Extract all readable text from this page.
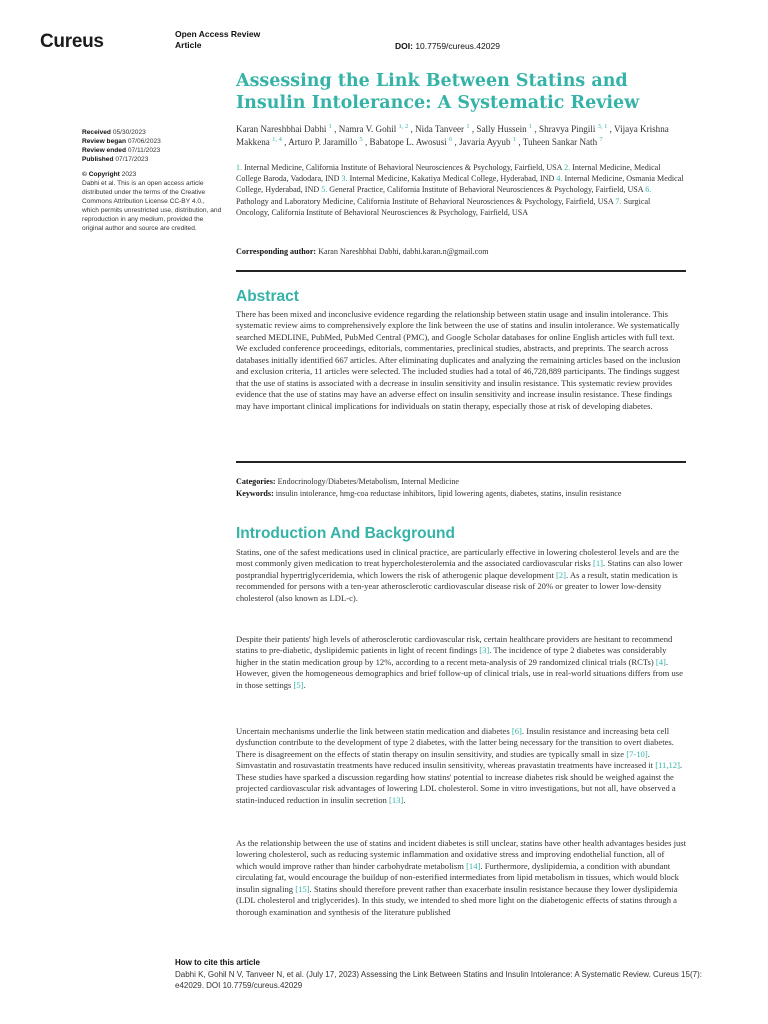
Cureus	Open Access Review
Article	DOI: 10.7759/cureus.42029
Assessing the Link Between Statins and Insulin Intolerance: A Systematic Review
Received 05/30/2023
Review began 07/06/2023
Review ended 07/11/2023
Published 07/17/2023
© Copyright 2023
Dabhi et al. This is an open access article distributed under the terms of the Creative Commons Attribution License CC-BY 4.0., which permits unrestricted use, distribution, and reproduction in any medium, provided the original author and source are credited.
Karan Nareshbhai Dabhi $^1$ , Namra V. Gohil $^{1, 2}$ , Nida Tanveer $^1$ , Sally Hussein $^1$ , Shravya Pingili $^{3, 1}$ , Vijaya Krishna Makkena $^{1, 4}$ , Arturo P. Jaramillo $^5$ , Babatope L. Awosusi $^6$ , Javaria Ayyub $^1$ , Tuheen Sankar Nath $^7$
1. Internal Medicine, California Institute of Behavioral Neurosciences & Psychology, Fairfield, USA 2. Internal Medicine, Medical College Baroda, Vadodara, IND 3. Internal Medicine, Kakatiya Medical College, Hyderabad, IND 4. Internal Medicine, Osmania Medical College, Hyderabad, IND 5. General Practice, California Institute of Behavioral Neurosciences & Psychology, Fairfield, USA 6. Pathology and Laboratory Medicine, California Institute of Behavioral Neurosciences & Psychology, Fairfield, USA 7. Surgical Oncology, California Institute of Behavioral Neurosciences & Psychology, Fairfield, USA
Corresponding author: Karan Nareshbhai Dabhi, dabhi.karan.n@gmail.com
Abstract
There has been mixed and inconclusive evidence regarding the relationship between statin usage and insulin intolerance. This systematic review aims to comprehensively explore the link between the use of statins and insulin intolerance. We systematically searched MEDLINE, PubMed, PubMed Central (PMC), and Google Scholar databases for online English articles with full text. We excluded conference proceedings, editorials, commentaries, preclinical studies, abstracts, and preprints. The search across databases initially identified 667 articles. After eliminating duplicates and analyzing the remaining articles based on the inclusion and exclusion criteria, 11 articles were selected. The included studies had a total of 46,728,889 participants. The findings suggest that the use of statins is associated with a decrease in insulin sensitivity and insulin resistance. This systematic review provides evidence that the use of statins may have an adverse effect on insulin sensitivity and increase insulin resistance. These findings may have important clinical implications for individuals on statin therapy, especially those at risk of developing diabetes.
Categories: Endocrinology/Diabetes/Metabolism, Internal Medicine
Keywords: insulin intolerance, hmg-coa reductase inhibitors, lipid lowering agents, diabetes, statins, insulin resistance
Introduction And Background
Statins, one of the safest medications used in clinical practice, are particularly effective in lowering cholesterol levels and are the most commonly given medication to treat hypercholesterolemia and the associated cardiovascular risks [1]. Statins can also lower postprandial hypertriglyceridemia, which lowers the risk of atherogenic plaque development [2]. As a result, statin medication is recommended for persons with a ten-year atherosclerotic cardiovascular disease risk of 20% or greater to lower low-density cholesterol (also known as LDL-c).
Despite their patients' high levels of atherosclerotic cardiovascular risk, certain healthcare providers are hesitant to recommend statins to pre-diabetic, dyslipidemic patients in light of recent findings [3]. The incidence of type 2 diabetes was considerably higher in the statin medication group by 12%, according to a recent meta-analysis of 29 randomized clinical trials (RCTs) [4]. However, given the homogeneous demographics and brief follow-up of clinical trials, use in real-world situations differs from use in those settings [5].
Uncertain mechanisms underlie the link between statin medication and diabetes [6]. Insulin resistance and increasing beta cell dysfunction contribute to the development of type 2 diabetes, with the latter being necessary for the transition to overt diabetes. There is disagreement on the effects of statin therapy on insulin sensitivity, and studies are typically small in size [7-10]. Simvastatin and rosuvastatin treatments have reduced insulin sensitivity, whereas pravastatin treatments have increased it [11,12]. These studies have sparked a discussion regarding how statins' potential to increase diabetes risk should be weighed against the projected cardiovascular risk advantages of lowering LDL cholesterol. Some in vitro investigations, but not all, have observed a statin-induced reduction in insulin secretion [13].
As the relationship between the use of statins and incident diabetes is still unclear, statins have other health advantages besides just lowering cholesterol, such as reducing systemic inflammation and oxidative stress and improving endothelial function, all of which would improve rather than hinder carbohydrate metabolism [14]. Furthermore, dyslipidemia, a condition with abundant circulating fat, would encourage the buildup of non-esterified intermediates from lipid metabolism in tissues, which would block insulin signaling [15]. Statins should therefore prevent rather than exacerbate insulin resistance because they lower dyslipidemia (LDL cholesterol and triglycerides). In this study, we intended to shed more light on the diabetogenic effects of statins through a thorough examination and synthesis of the literature published
How to cite this article
Dabhi K, Gohil N V, Tanveer N, et al. (July 17, 2023) Assessing the Link Between Statins and Insulin Intolerance: A Systematic Review. Cureus 15(7): e42029. DOI 10.7759/cureus.42029
